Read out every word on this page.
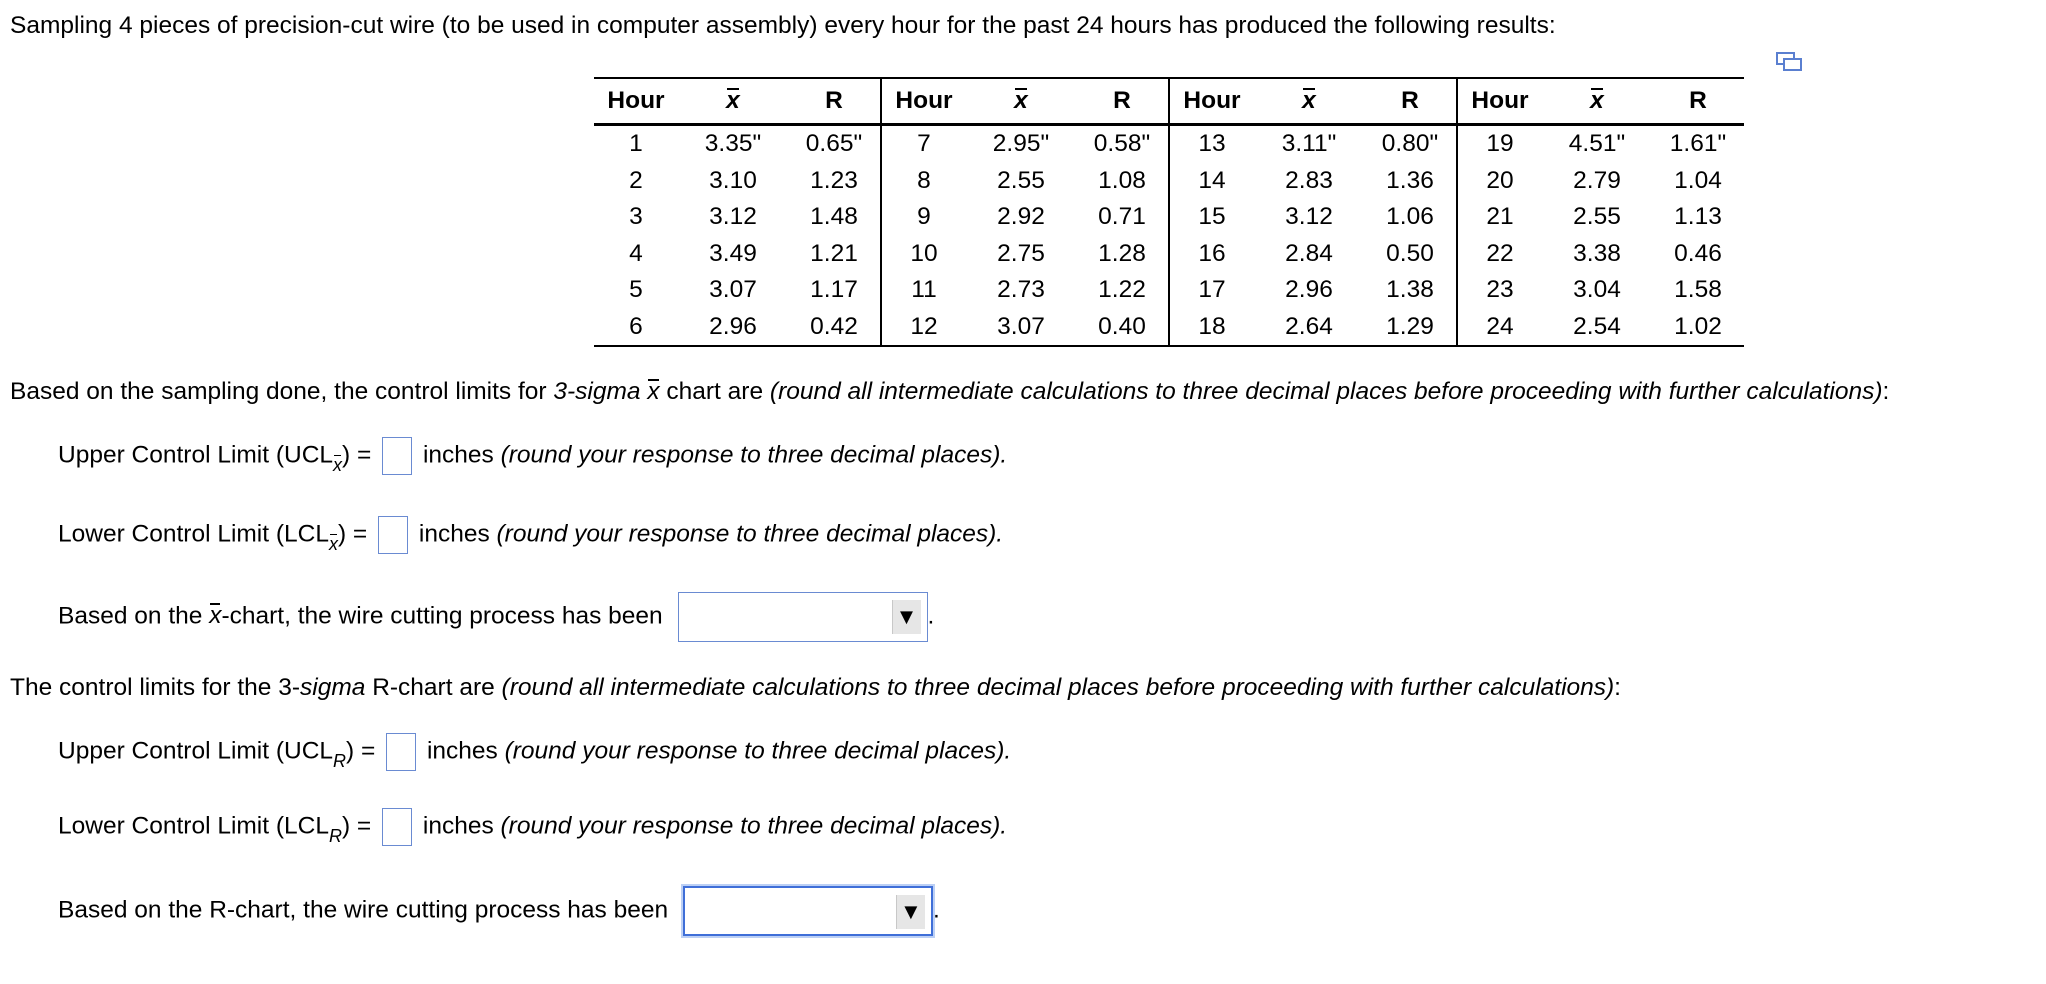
Sampling 4 pieces of precision-cut wire (to be used in computer assembly) every hour for the past 24 hours has produced the following results:
Hour	x	R	Hour	x	R	Hour	x	R	Hour	x	R
1	3.35"	0.65"	7	2.95"	0.58"	13	3.11"	0.80"	19	4.51"	1.61"
2	3.10	1.23	8	2.55	1.08	14	2.83	1.36	20	2.79	1.04
3	3.12	1.48	9	2.92	0.71	15	3.12	1.06	21	2.55	1.13
4	3.49	1.21	10	2.75	1.28	16	2.84	0.50	22	3.38	0.46
5	3.07	1.17	11	2.73	1.22	17	2.96	1.38	23	3.04	1.58
6	2.96	0.42	12	3.07	0.40	18	2.64	1.29	24	2.54	1.02
Based on the sampling done, the control limits for 3-sigma x chart are (round all intermediate calculations to three decimal places before proceeding with further calculations):
Upper Control Limit $(UCL_x)$ = inches (round your response to three decimal places).
Lower Control Limit $(LCL_x)$ = inches (round your response to three decimal places).
Based on the x-chart, the wire cutting process has been	▼ .
The control limits for the 3-sigma R-chart are (round all intermediate calculations to three decimal places before proceeding with further calculations):
Upper Control Limit $(UCL_R)$ = inches (round your response to three decimal places).
Lower Control Limit $(LCL_R)$ = inches (round your response to three decimal places).
Based on the R-chart, the wire cutting process has been	▼ .
